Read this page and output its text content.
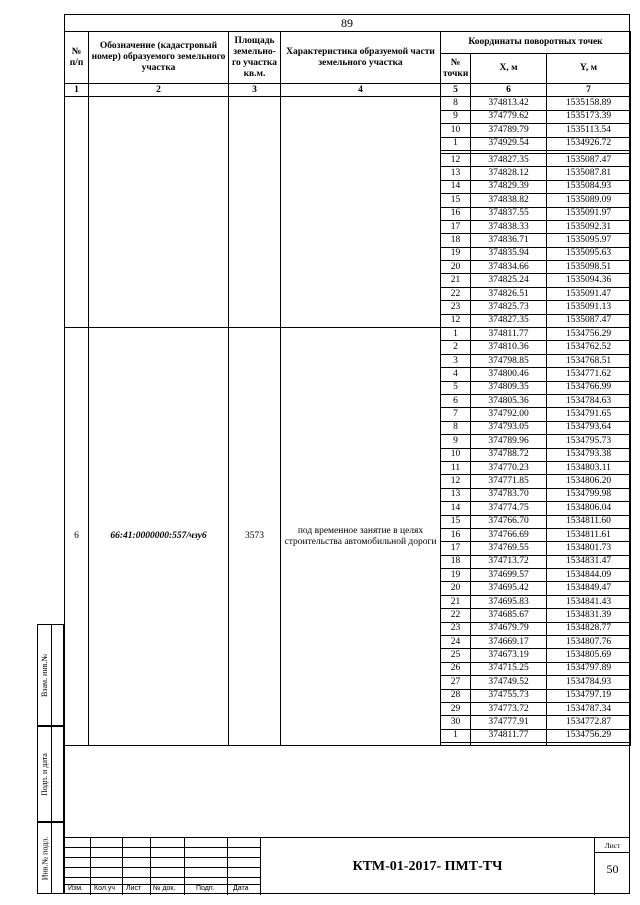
89
№ п/п	Обозначение (кадастровый номер) образуемого земельного участка	Площадь земельно-го участка кв.м.	Характеристика образуемой части земельного участка	Координаты поворотных точек		
				№ точки	X, м	Y, м
1	2	3	4	5	6	7
				8	374813.42	1535158.89
				9	374779.62	1535173.39
				10	374789.79	1535113.54
				1	374929.54	1534926.72

				12	374827.35	1535087.47
				13	374828.12	1535087.81
				14	374829.39	1535084.93
				15	374838.82	1535089.09
				16	374837.55	1535091.97
				17	374838.33	1535092.31
				18	374836.71	1535095.97
				19	374835.94	1535095.63
				20	374834.66	1535098.51
				21	374825.24	1535094.36
				22	374826.51	1535091.47
				23	374825.73	1535091.13
				12	374827.35	1535087.47
6	66:41:0000000:557/чзу6	3573	под временное занятие в целях строительства автомобильной дороги	1	374811.77	1534756.29
				2	374810.36	1534762.52
				3	374798.85	1534768.51
				4	374800.46	1534771.62
				5	374809.35	1534766.99
				6	374805.36	1534784.63
				7	374792.00	1534791.65
				8	374793.05	1534793.64
				9	374789.96	1534795.73
				10	374788.72	1534793.38
				11	374770.23	1534803.11
				12	374771.85	1534806.20
				13	374783.70	1534799.98
				14	374774.75	1534806.04
				15	374766.70	1534811.60
				16	374766.69	1534811.61
				17	374769.55	1534801.73
				18	374713.72	1534831.47
				19	374699.57	1534844.09
				20	374695.42	1534849.47
				21	374695.83	1534841.43
				22	374685.67	1534831.39
				23	374679.79	1534828.77
				24	374669.17	1534807.76
				25	374673.19	1534805.69
				26	374715.25	1534797.89
				27	374749.52	1534784.93
				28	374755.73	1534797.19
				29	374773.72	1534787.34
				30	374777.91	1534772.87
				1	374811.77	1534756.29

Изм. Кол.уч Лист № док.	Подп.	Дата
КТМ-01-2017- ПМТ-ТЧ
Лист
50
Взам. инв.№
Подп. и дата
Инв.№ подл.
